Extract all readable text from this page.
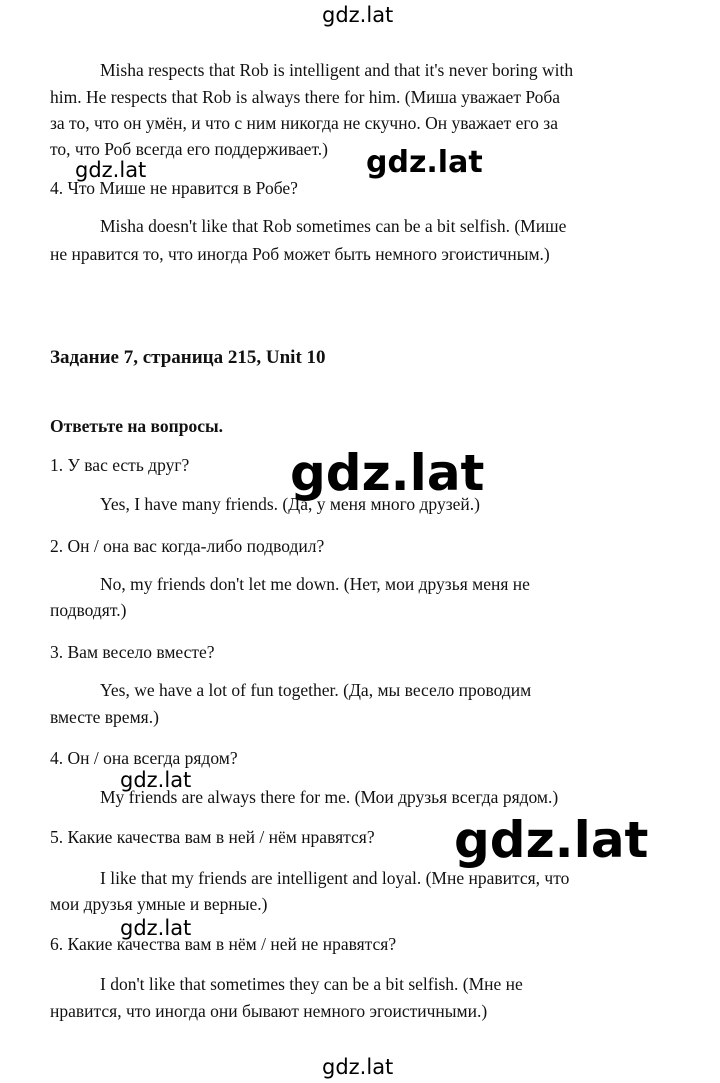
gdz.lat
gdz.lat	gdz.lat
gdz.lat
gdz.lat
gdz.lat
gdz.lat
gdz.lat
Misha respects that Rob is intelligent and that it's never boring with
him. He respects that Rob is always there for him. (Миша уважает Роба
за то, что он умён, и что с ним никогда не скучно. Он уважает его за
то, что Роб всегда его поддерживает.)
4. Что Мише не нравится в Робе?
Misha doesn't like that Rob sometimes can be a bit selfish. (Мише
не нравится то, что иногда Роб может быть немного эгоистичным.)
Задание 7, страница 215, Unit 10
Ответьте на вопросы.
1. У вас есть друг?
Yes, I have many friends. (Да, у меня много друзей.)
2. Он / она вас когда-либо подводил?
No, my friends don't let me down. (Нет, мои друзья меня не
подводят.)
3. Вам весело вместе?
Yes, we have a lot of fun together. (Да, мы весело проводим
вместе время.)
4. Он / она всегда рядом?
My friends are always there for me. (Мои друзья всегда рядом.)
5. Какие качества вам в ней / нём нравятся?
I like that my friends are intelligent and loyal. (Мне нравится, что
мои друзья умные и верные.)
6. Какие качества вам в нём / ней не нравятся?
I don't like that sometimes they can be a bit selfish. (Мне не
нравится, что иногда они бывают немного эгоистичными.)
